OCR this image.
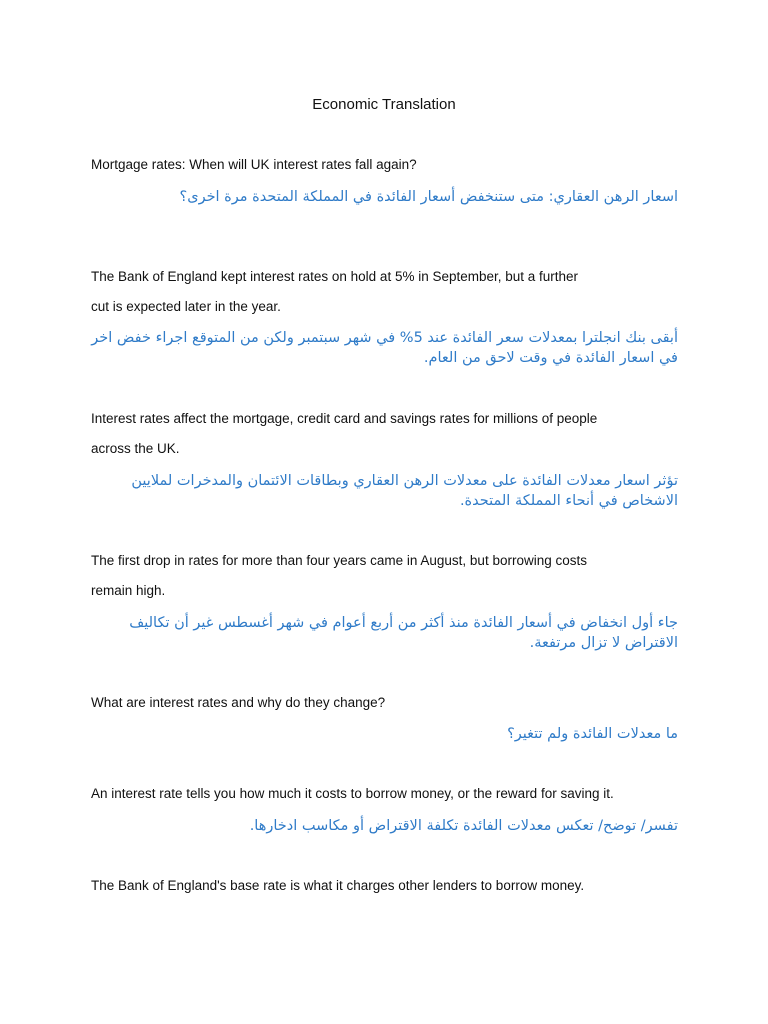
Economic Translation
Mortgage rates: When will UK interest rates fall again?
اسعار الرهن العقاري: متى ستنخفض أسعار الفائدة في المملكة المتحدة مرة اخرى؟
The Bank of England kept interest rates on hold at 5% in September, but a further
cut is expected later in the year.
أبقى بنك انجلترا بمعدلات سعر الفائدة عند 5% في شهر سبتمبر ولكن من المتوقع اجراء خفض اخر في اسعار الفائدة في وقت لاحق من العام.
Interest rates affect the mortgage, credit card and savings rates for millions of people
across the UK.
تؤثر اسعار معدلات الفائدة على معدلات الرهن العقاري وبطاقات الائتمان والمدخرات لملايين الاشخاص في أنحاء المملكة المتحدة.
The first drop in rates for more than four years came in August, but borrowing costs
remain high.
جاء أول انخفاض في أسعار الفائدة منذ أكثر من أربع أعوام في شهر أغسطس غير أن تكاليف الاقتراض لا تزال مرتفعة.
What are interest rates and why do they change?
ما معدلات الفائدة ولم تتغير؟
An interest rate tells you how much it costs to borrow money, or the reward for saving it.
تفسر/ توضح/ تعكس معدلات الفائدة تكلفة الاقتراض أو مكاسب ادخارها.
The Bank of England's base rate is what it charges other lenders to borrow money.
